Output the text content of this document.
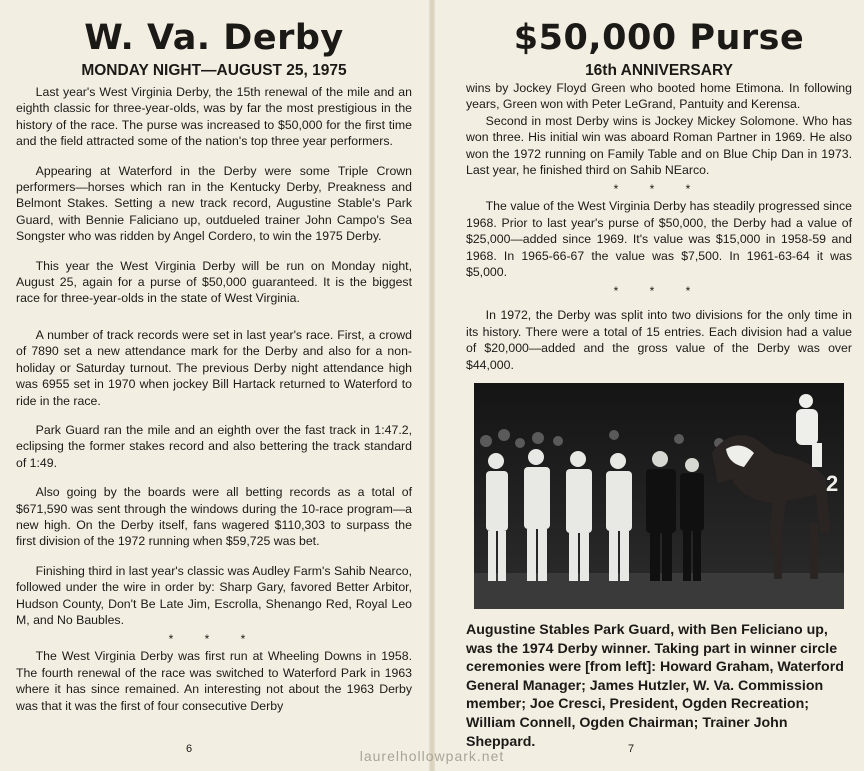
W. Va. Derby
MONDAY NIGHT—AUGUST 25, 1975

Last year's West Virginia Derby, the 15th renewal of the mile and an eighth classic for three-year-olds, was by far the most prestigious in the history of the race. The purse was increased to $50,000 for the first time and the field attracted some of the nation's top three year performers.

Appearing at Waterford in the Derby were some Triple Crown performers—horses which ran in the Kentucky Derby, Preakness and Belmont Stakes. Setting a new track record, Augustine Stable's Park Guard, with Bennie Faliciano up, outdueled trainer John Campo's Sea Songster who was ridden by Angel Cordero, to win the 1975 Derby.

This year the West Virginia Derby will be run on Monday night, August 25, again for a purse of $50,000 guaranteed. It is the biggest race for three-year-olds in the state of West Virginia.

A number of track records were set in last year's race. First, a crowd of 7890 set a new attendance mark for the Derby and also for a non-holiday or Saturday turnout. The previous Derby night attendance high was 6955 set in 1970 when jockey Bill Hartack returned to Waterford to ride in the race.

Park Guard ran the mile and an eighth over the fast track in 1:47.2, eclipsing the former stakes record and also bettering the track standard of 1:49.

Also going by the boards were all betting records as a total of $671,590 was sent through the windows during the 10-race program—a new high. On the Derby itself, fans wagered $110,303 to surpass the first division of the 1972 running when $59,725 was bet.

Finishing third in last year's classic was Audley Farm's Sahib Nearco, followed under the wire in order by: Sharp Gary, favored Better Arbitor, Hudson County, Don't Be Late Jim, Escrolla, Shenango Red, Royal Leo M, and No Baubles.

* * *

The West Virginia Derby was first run at Wheeling Downs in 1958. The fourth renewal of the race was switched to Waterford Park in 1963 where it has since remained. An interesting not about the 1963 Derby was that it was the first of four consecutive Derby

6
$50,000 Purse
16th ANNIVERSARY

wins by Jockey Floyd Green who booted home Etimona. In following years, Green won with Peter LeGrand, Pantuity and Kerensa.

Second in most Derby wins is Jockey Mickey Solomone. Who has won three. His initial win was aboard Roman Partner in 1969. He also won the 1972 running on Family Table and on Blue Chip Dan in 1973. Last year, he finished third on Sahib NEarco.

* * *

The value of the West Virginia Derby has steadily progressed since 1968. Prior to last year's purse of $50,000, the Derby had a value of $25,000—added since 1969. It's value was $15,000 in 1958-59 and 1968. In 1965-66-67 the value was $7,500. In 1961-63-64 it was $5,000.

* * *

In 1972, the Derby was split into two divisions for the only time in its history. There were a total of 15 entries. Each division had a value of $20,000—added and the gross value of the Derby was over $44,000.

2
Augustine Stables Park Guard, with Ben Feliciano up, was the 1974 Derby winner. Taking part in winner circle ceremonies were [from left]: Howard Graham, Waterford General Manager; James Hutzler, W. Va. Commission member; Joe Cresci, President, Ogden Recreation; William Connell, Ogden Chairman; Trainer John Sheppard.	7
laurelhollowpark.net
